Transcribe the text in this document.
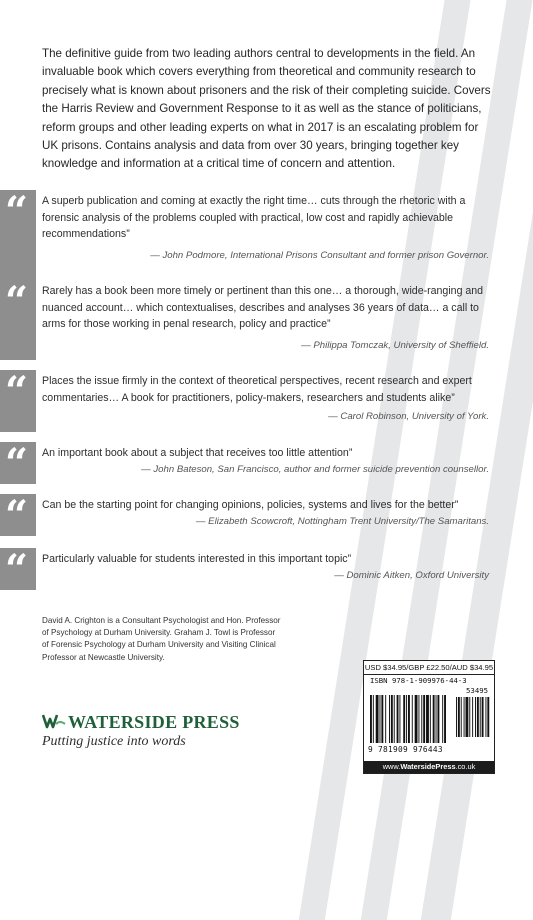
The definitive guide from two leading authors central to developments in the field. An invaluable book which covers everything from theoretical and community research to precisely what is known about prisoners and the risk of their completing suicide. Covers the Harris Review and Government Response to it as well as the stance of politicians, reform groups and other leading experts on what in 2017 is an escalating problem for UK prisons. Contains analysis and data from over 30 years, bringing together key knowledge and information at a critical time of concern and attention.

“	A superb publication and coming at exactly the right time… cuts through the rhetoric with a forensic analysis of the problems coupled with practical, low cost and rapidly achievable recommendations”
— John Podmore, International Prisons Consultant and former prison Governor.
“	Rarely has a book been more timely or pertinent than this one… a thorough, wide-ranging and nuanced account… which contextualises, describes and analyses 36 years of data… a call to arms for those working in penal research, policy and practice”
— Philippa Tomczak, University of Sheffield.
“	Places the issue firmly in the context of theoretical perspectives, recent research and expert commentaries… A book for practitioners, policy-makers, researchers and students alike”
— Carol Robinson, University of York.
“	An important book about a subject that receives too little attention”
— John Bateson, San Francisco, author and former suicide prevention counsellor.
“	Can be the starting point for changing opinions, policies, systems and lives for the better”
— Elizabeth Scowcroft, Nottingham Trent University/The Samaritans.
“	Particularly valuable for students interested in this important topic”
— Dominic Aitken, Oxford University

David A. Crighton is a Consultant Psychologist and Hon. Professor of Psychology at Durham University. Graham J. Towl is Professor of Forensic Psychology at Durham University and Visiting Clinical Professor at Newcastle University.

WATERSIDE PRESS
Putting justice into words
USD $34.95/GBP £22.50/AUD $34.95
ISBN 978-1-909976-44-3
53495
9 781909 976443
www.WatersidePress.co.uk
